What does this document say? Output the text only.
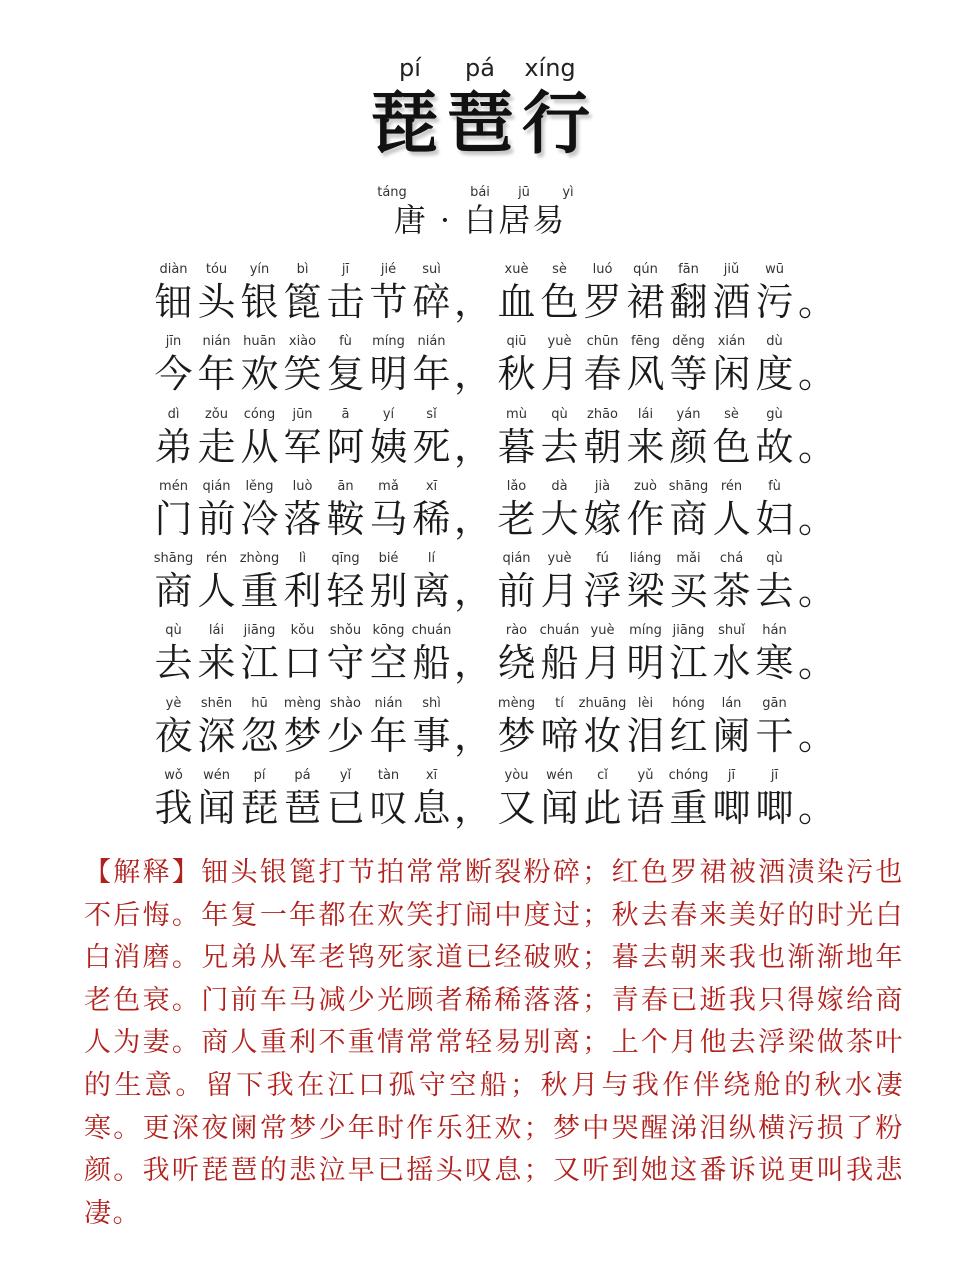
pí	pá	xíng
琵 琶 行
táng	bái	jū	yì
唐 · 白居易
diàn
钿
tóu
头
yín
银
bì
篦
jī
击
jié
节
suì
碎
xuè
血
sè
色
luó
罗
qún
裙
fān
翻
jiǔ
酒
wū
污
，	。
jīn
今
nián
年
huān
欢
xiào
笑
fù
复
míng
明
nián
年
qiū
秋
yuè
月
chūn
春
fēng
风
děng
等
xián
闲
dù
度
，	。
dì
弟
zǒu
走
cóng
从
jūn
军
ā
阿
yí
姨
sǐ
死
mù
暮
qù
去
zhāo
朝
lái
来
yán
颜
sè
色
gù
故
，	。
mén
门
qián
前
lěng
冷
luò
落
ān
鞍
mǎ
马
xī
稀
lǎo
老
dà
大
jià
嫁
zuò
作
shāng
商
rén
人
fù
妇
，	。
shāng
商
rén
人
zhòng
重
lì
利
qīng
轻
bié
别
lí
离
qián
前
yuè
月
fú
浮
liáng
梁
mǎi
买
chá
茶
qù
去
，	。
qù
去
lái
来
jiāng
江
kǒu
口
shǒu
守
kōng
空
chuán
船
rào
绕
chuán
船
yuè
月
míng
明
jiāng
江
shuǐ
水
hán
寒
，	。
yè
夜
shēn
深
hū
忽
mèng
梦
shào
少
nián
年
shì
事
mèng
梦
tí
啼
zhuāng
妆
lèi
泪
hóng
红
lán
阑
gān
干
，	。
wǒ
我
wén
闻
pí
琵
pá
琶
yǐ
已
tàn
叹
xī
息
yòu
又
wén
闻
cǐ
此
yǔ
语
chóng
重
jī
唧
jī
唧
，	。
【解释】钿头银篦打节拍常常断裂粉碎；红色罗裙被酒渍染污也不后悔。年复一年都在欢笑打闹中度过；秋去春来美好的时光白白消磨。兄弟从军老鸨死家道已经破败；暮去朝来我也渐渐地年老色衰。门前车马减少光顾者稀稀落落；青春已逝我只得嫁给商人为妻。商人重利不重情常常轻易别离；上个月他去浮梁做茶叶的生意。留下我在江口孤守空船；秋月与我作伴绕舱的秋水凄寒。更深夜阑常梦少年时作乐狂欢；梦中哭醒涕泪纵横污损了粉颜。我听琵琶的悲泣早已摇头叹息；又听到她这番诉说更叫我悲凄。
